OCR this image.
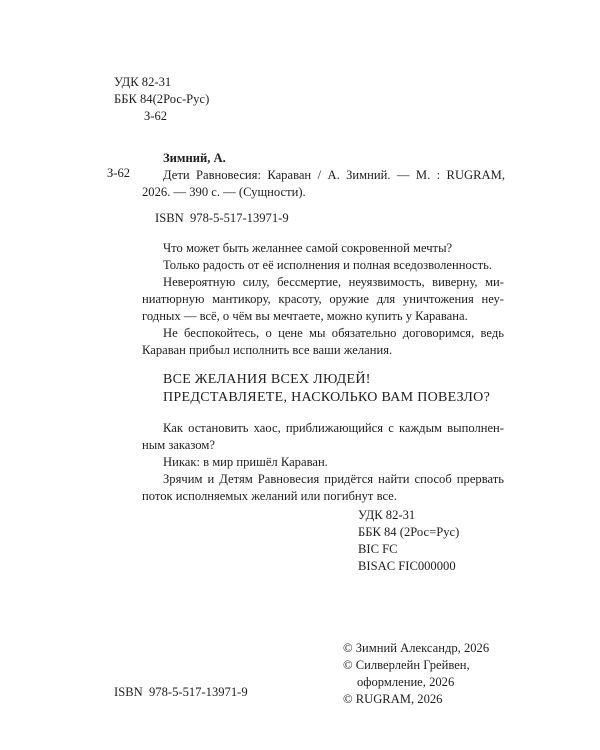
УДК 82-31
ББК 84(2Рос-Рус)
З-62
З-62
Зимний, А.
Дети Равновесия: Караван / А. Зимний. — М. : RUGRAM,
2026. — 390 с. — (Сущности).
ISBN  978-5-517-13971-9
Что может быть желаннее самой сокровенной мечты?
Только радость от её исполнения и полная вседозволенность.
Невероятную силу, бессмертие, неуязвимость, виверну, ми-
ниатюрную мантикору, красоту, оружие для уничтожения неу-
годных — всё, о чём вы мечтаете, можно купить у Каравана.
Не беспокойтесь, о цене мы обязательно договоримся, ведь
Караван прибыл исполнить все ваши желания.
ВСЕ ЖЕЛАНИЯ ВСЕХ ЛЮДЕЙ!
ПРЕДСТАВЛЯЕТЕ, НАСКОЛЬКО ВАМ ПОВЕЗЛО?
Как остановить хаос, приближающийся с каждым выполнен-
ным заказом?
Никак: в мир пришёл Караван.
Зрячим и Детям Равновесия придётся найти способ прервать
поток исполняемых желаний или погибнут все.
УДК 82-31
ББК 84 (2Рос=Рус)
BIC FC
BISAC FIC000000
© Зимний Александр, 2026
© Силверлейн Грейвен,
оформление, 2026
© RUGRAM, 2026
ISBN  978-5-517-13971-9
